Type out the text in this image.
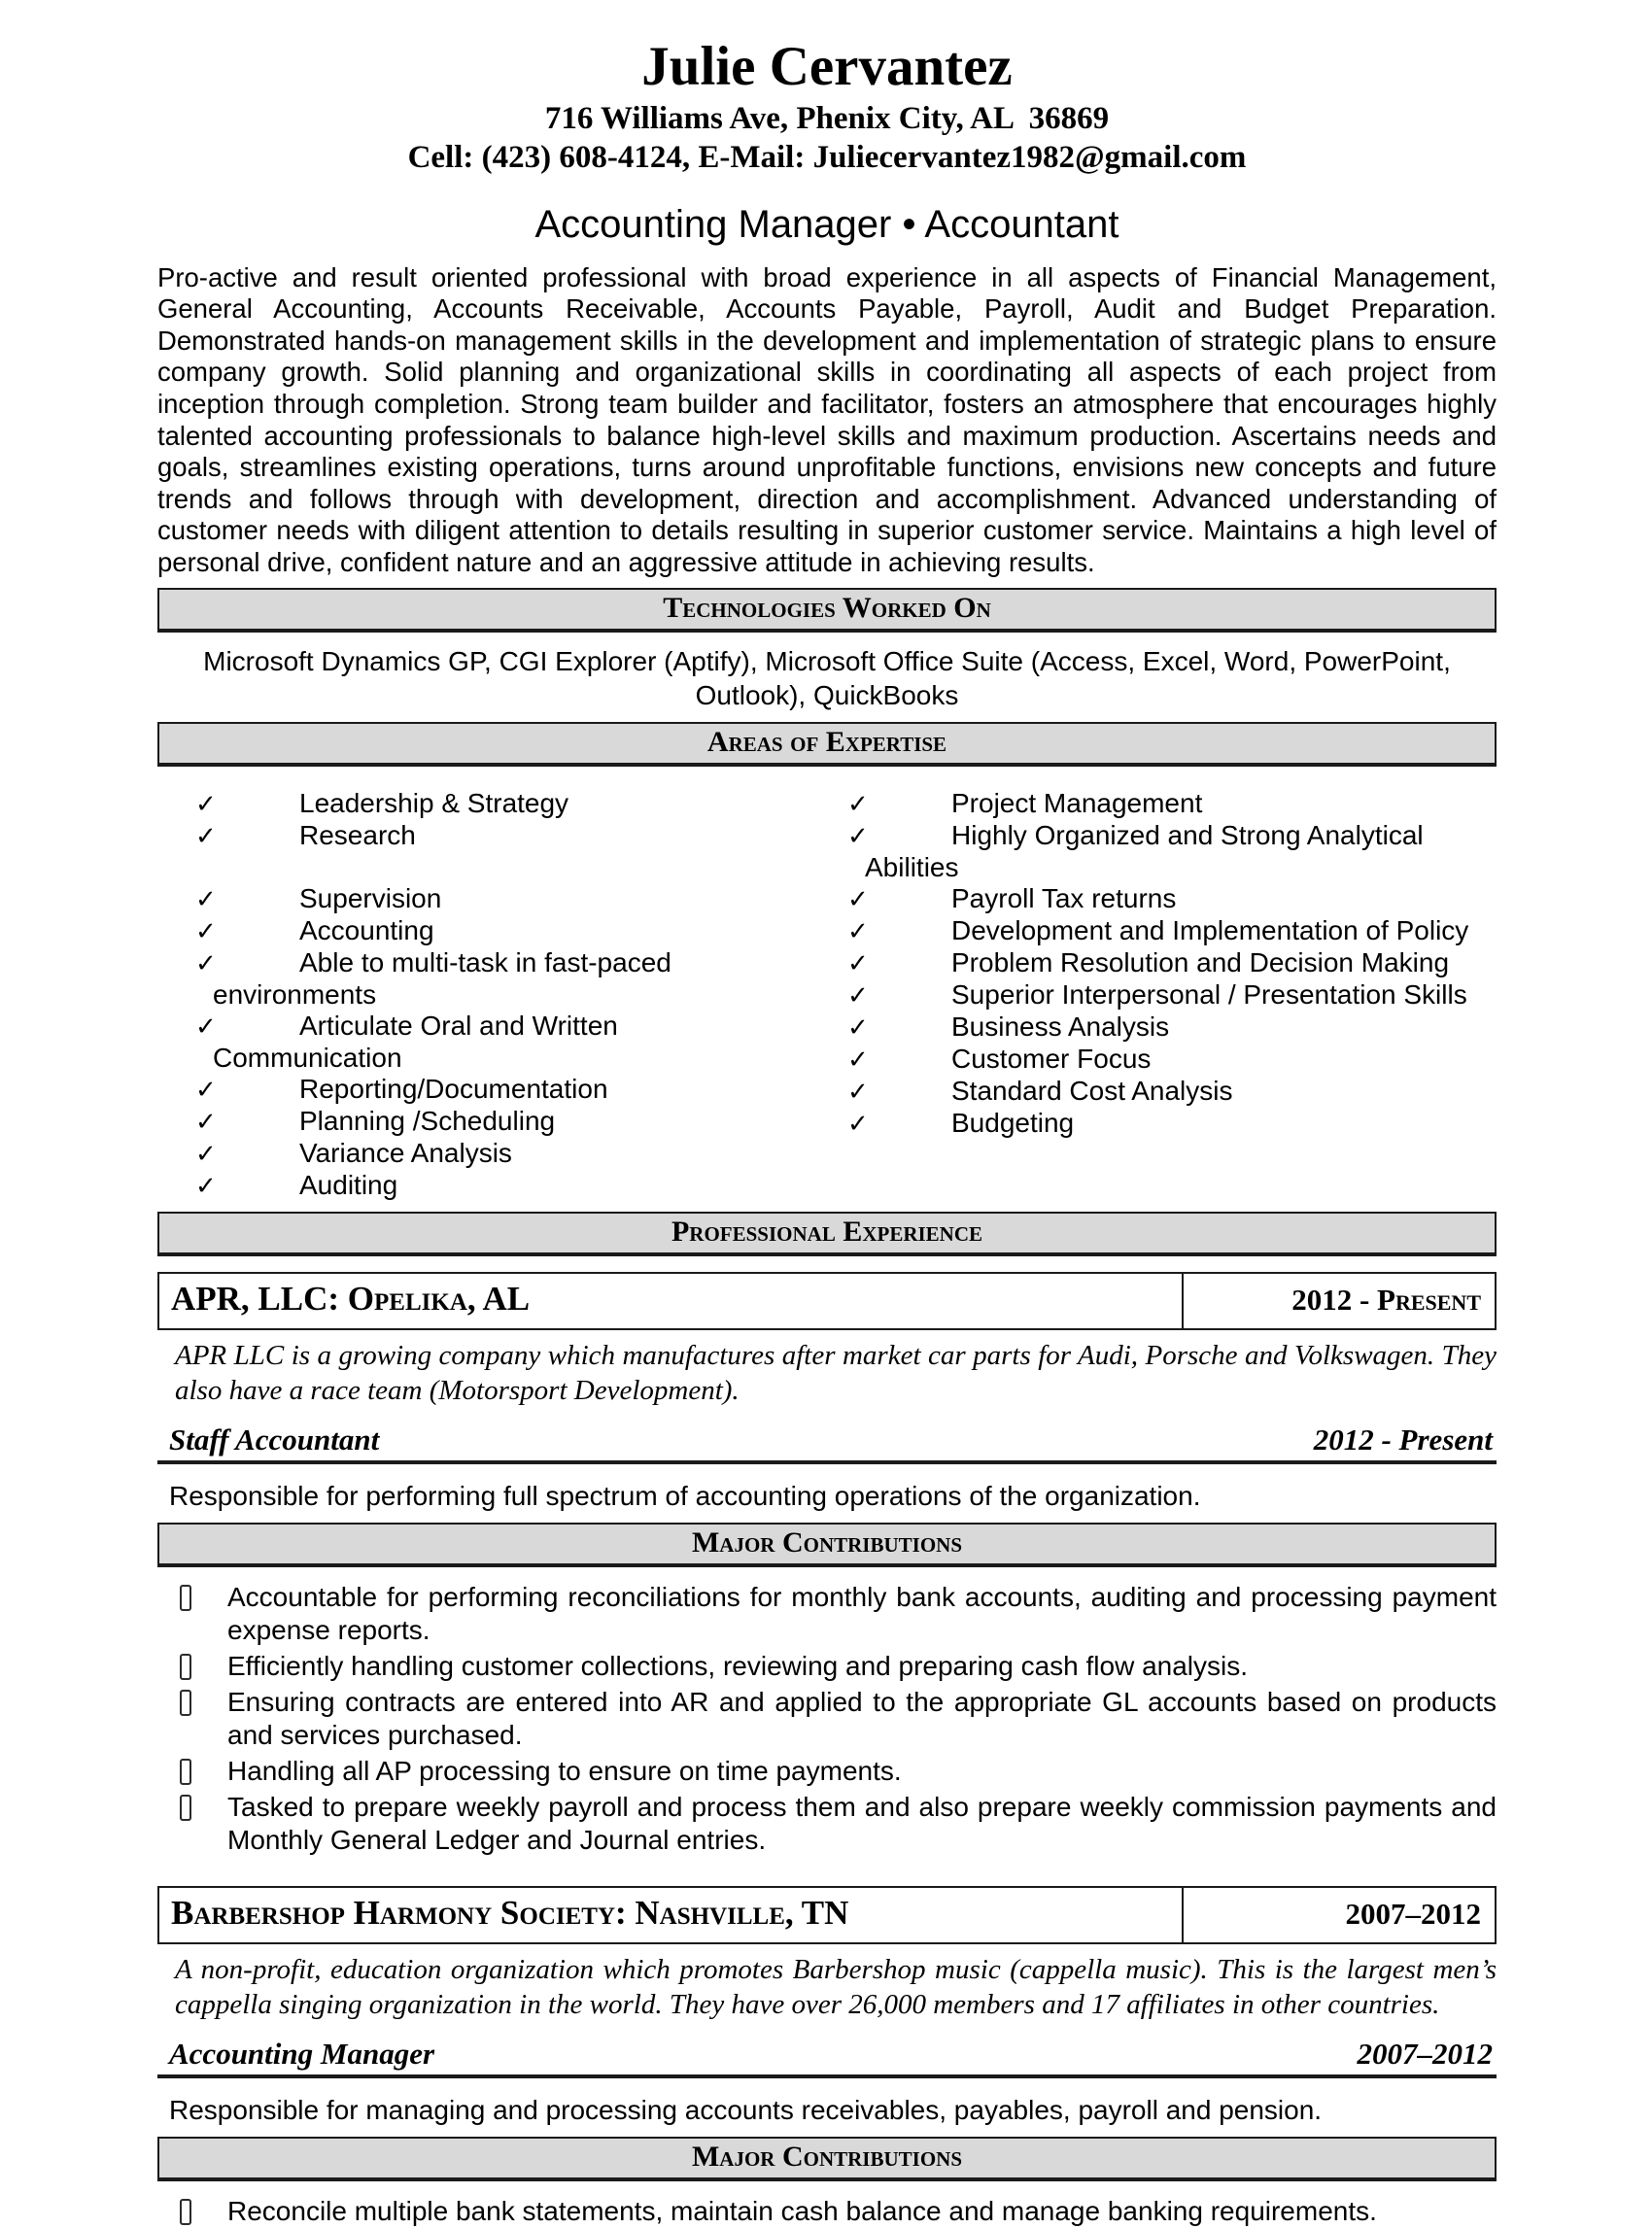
Julie Cervantez
716 Williams Ave, Phenix City, AL  36869
Cell: (423) 608-4124, E-Mail: Juliecervantez1982@gmail.com
Accounting Manager • Accountant

Pro-active and result oriented professional with broad experience in all aspects of Financial Management, General Accounting, Accounts Receivable, Accounts Payable, Payroll, Audit and Budget Preparation. Demonstrated hands-on management skills in the development and implementation of strategic plans to ensure company growth. Solid planning and organizational skills in coordinating all aspects of each project from inception through completion. Strong team builder and facilitator, fosters an atmosphere that encourages highly talented accounting professionals to balance high-level skills and maximum production. Ascertains needs and goals, streamlines existing operations, turns around unprofitable functions, envisions new concepts and future trends and follows through with development, direction and accomplishment. Advanced understanding of customer needs with diligent attention to details resulting in superior customer service. Maintains a high level of personal drive, confident nature and an aggressive attitude in achieving results.

Technologies Worked On
Microsoft Dynamics GP, CGI Explorer (Aptify), Microsoft Office Suite (Access, Excel, Word, PowerPoint, Outlook), QuickBooks
Areas of Expertise
✓	Leadership & Strategy
✓	Research
✓	Supervision
✓	Accounting
✓	Able to multi-task in fast-paced environments
✓	Articulate Oral and Written Communication
✓	Reporting/Documentation
✓	Planning /Scheduling
✓	Variance Analysis
✓	Auditing
✓	Project Management
✓	Highly Organized and Strong Analytical Abilities
✓	Payroll Tax returns
✓	Development and Implementation of Policy
✓	Problem Resolution and Decision Making
✓	Superior Interpersonal / Presentation Skills
✓	Business Analysis
✓	Customer Focus
✓	Standard Cost Analysis
✓	Budgeting
Professional Experience
APR, LLC: Opelika, AL	2012 - Present

APR LLC is a growing company which manufactures after market car parts for Audi, Porsche and Volkswagen. They also have a race team (Motorsport Development).

Staff Accountant	2012 - Present

Responsible for performing full spectrum of accounting operations of the organization.

Major Contributions
Accountable for performing reconciliations for monthly bank accounts, auditing and processing payment expense reports.
Efficiently handling customer collections, reviewing and preparing cash flow analysis.
Ensuring contracts are entered into AR and applied to the appropriate GL accounts based on products and services purchased.
Handling all AP processing to ensure on time payments.
Tasked to prepare weekly payroll and process them and also prepare weekly commission payments and Monthly General Ledger and Journal entries.
Barbershop Harmony Society: Nashville, TN	2007–2012

A non-profit, education organization which promotes Barbershop music (cappella music). This is the largest men’s cappella singing organization in the world. They have over 26,000 members and 17 affiliates in other countries.

Accounting Manager	2007–2012

Responsible for managing and processing accounts receivables, payables, payroll and pension.

Major Contributions
Reconcile multiple bank statements, maintain cash balance and manage banking requirements.
